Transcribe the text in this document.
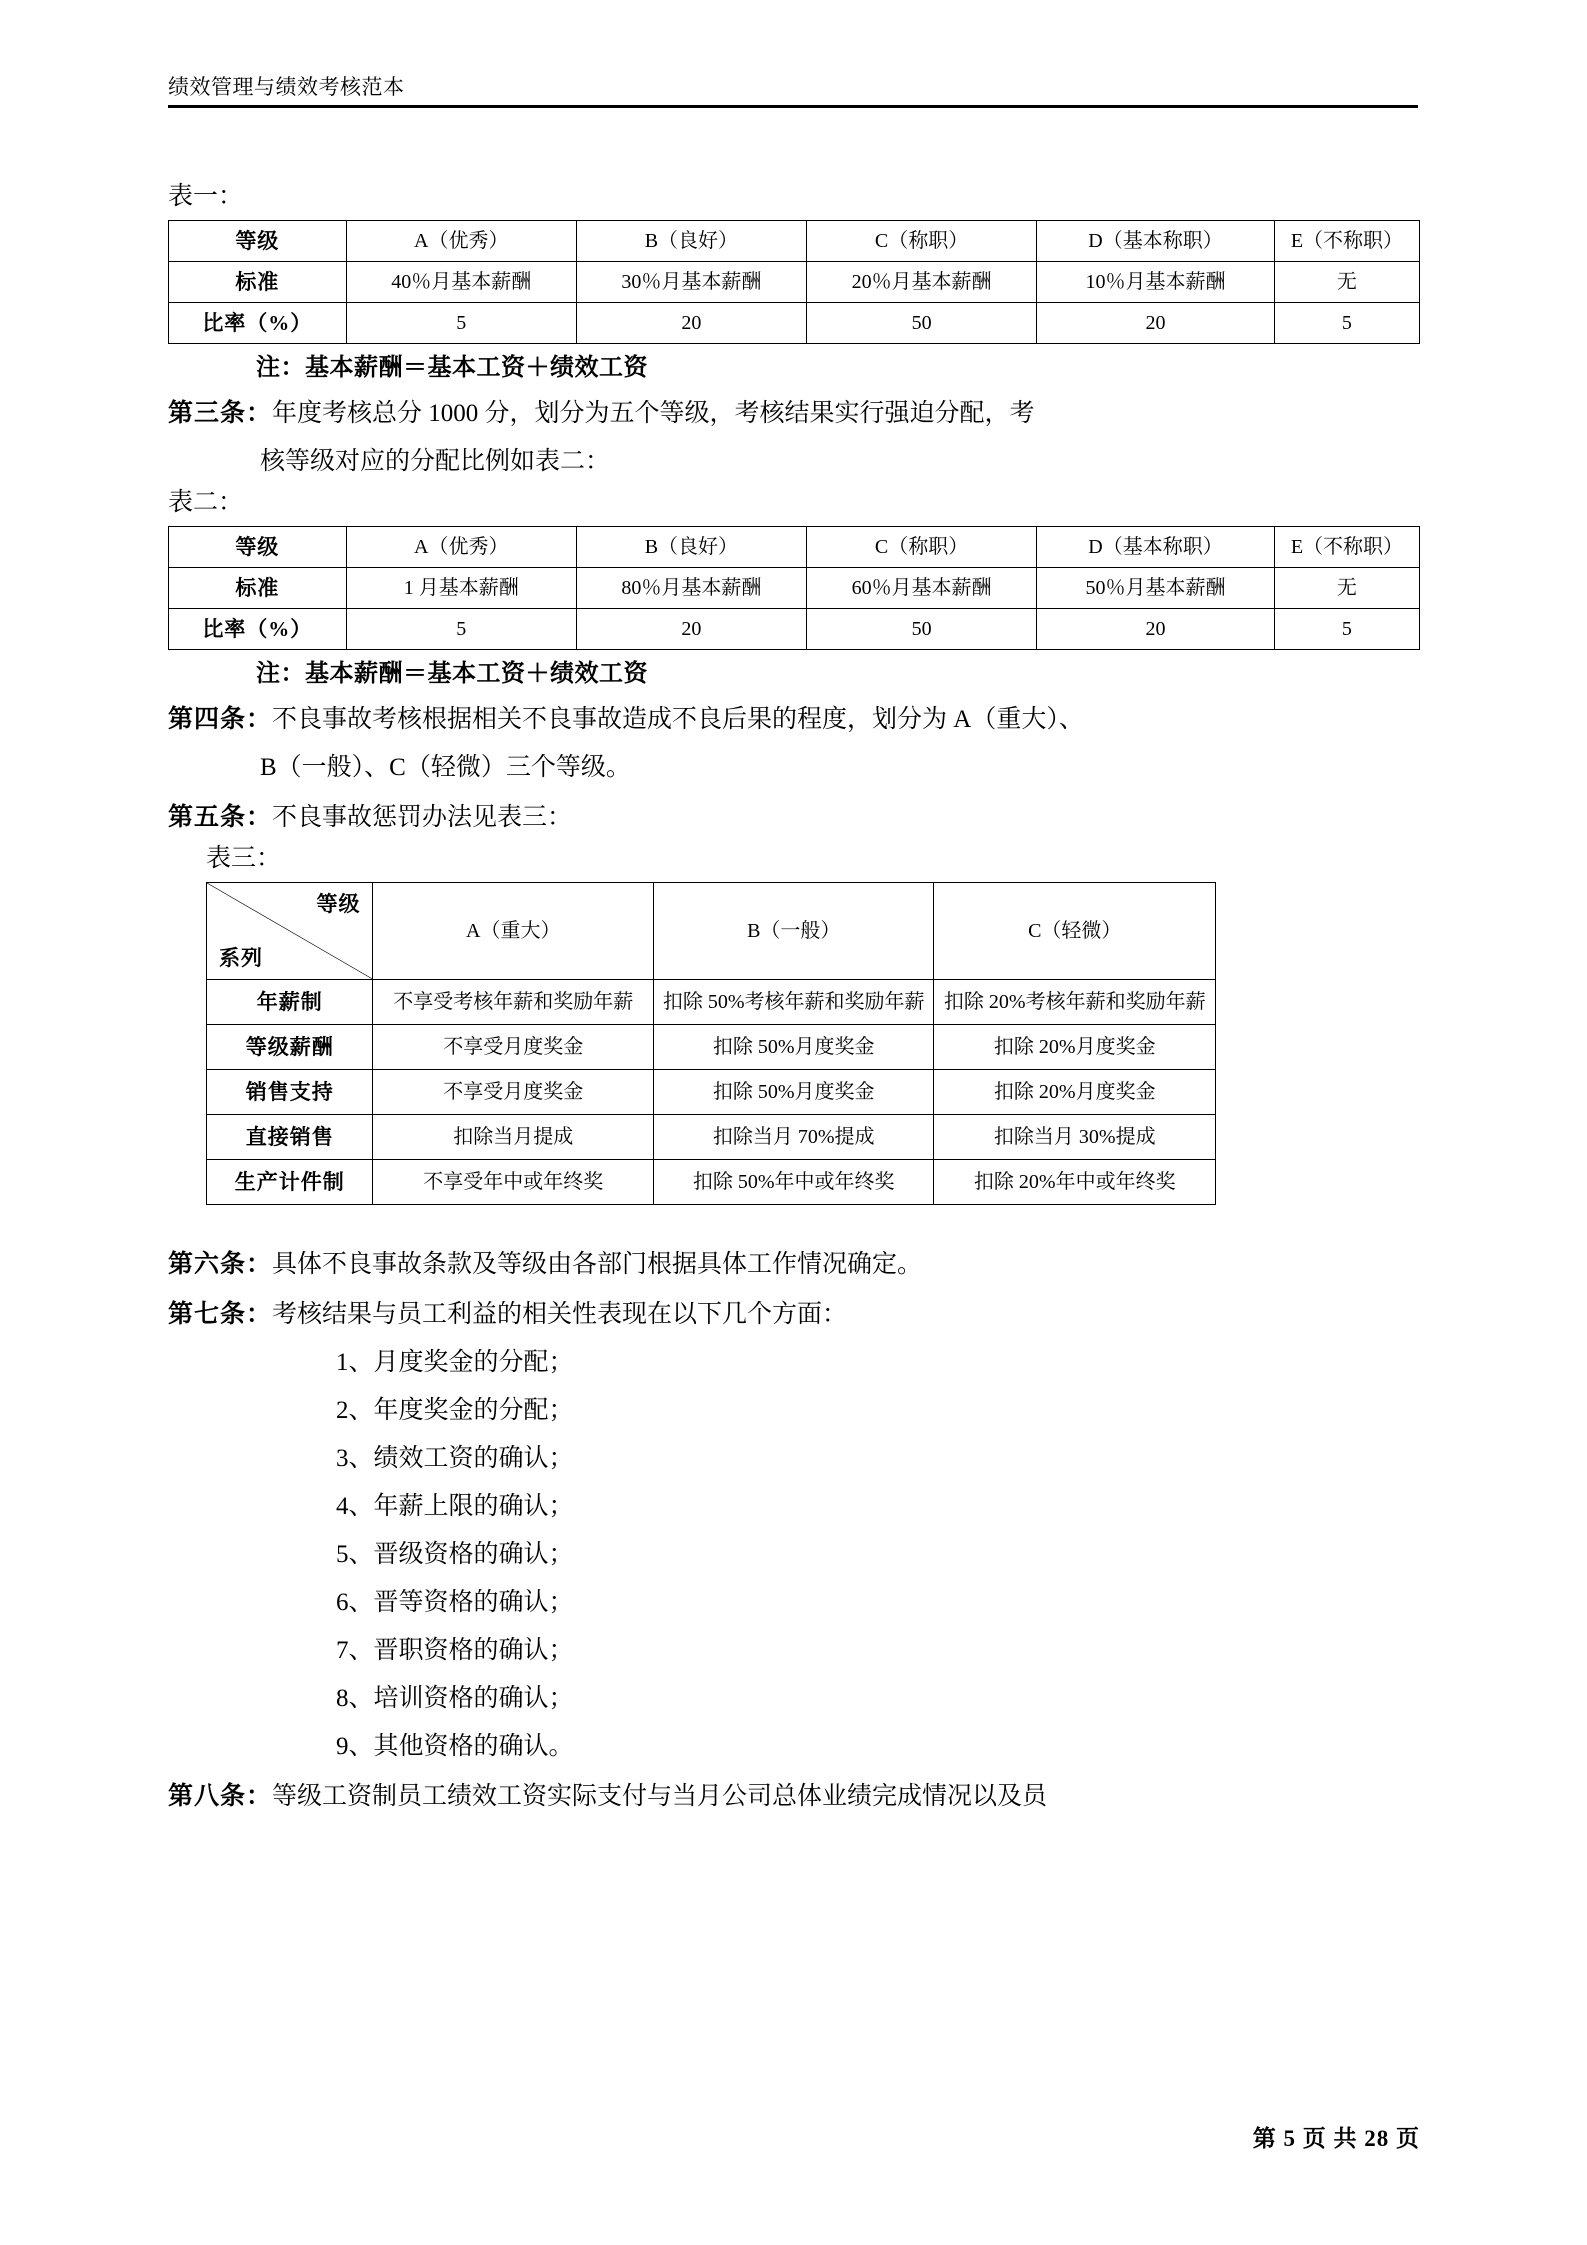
绩效管理与绩效考核范本
表一：
等级	A（优秀）	B（良好）	C（称职）	D（基本称职）	E（不称职）
标准	40％月基本薪酬	30％月基本薪酬	20％月基本薪酬	10％月基本薪酬	无
比率（%）	5	20	50	20	5
注：基本薪酬＝基本工资＋绩效工资
第三条：年度考核总分 1000 分，划分为五个等级，考核结果实行强迫分配，考
核等级对应的分配比例如表二：
表二：
等级	A（优秀）	B（良好）	C（称职）	D（基本称职）	E（不称职）
标准	1 月基本薪酬	80％月基本薪酬	60％月基本薪酬	50％月基本薪酬	无
比率（%）	5	20	50	20	5
注：基本薪酬＝基本工资＋绩效工资
第四条：不良事故考核根据相关不良事故造成不良后果的程度，划分为 A（重大）、
B（一般）、C（轻微）三个等级。
第五条：不良事故惩罚办法见表三：
表三：
等级
系列	A（重大）	B（一般）	C（轻微）
年薪制	不享受考核年薪和奖励年薪	扣除 50%考核年薪和奖励年薪	扣除 20%考核年薪和奖励年薪
等级薪酬	不享受月度奖金	扣除 50%月度奖金	扣除 20%月度奖金
销售支持	不享受月度奖金	扣除 50%月度奖金	扣除 20%月度奖金
直接销售	扣除当月提成	扣除当月 70%提成	扣除当月 30%提成
生产计件制	不享受年中或年终奖	扣除 50%年中或年终奖	扣除 20%年中或年终奖
第六条：具体不良事故条款及等级由各部门根据具体工作情况确定。
第七条：考核结果与员工利益的相关性表现在以下几个方面：
1、月度奖金的分配；
2、年度奖金的分配；
3、绩效工资的确认；
4、年薪上限的确认；
5、晋级资格的确认；
6、晋等资格的确认；
7、晋职资格的确认；
8、培训资格的确认；
9、其他资格的确认。
第八条：等级工资制员工绩效工资实际支付与当月公司总体业绩完成情况以及员
第 5 页 共 28 页
